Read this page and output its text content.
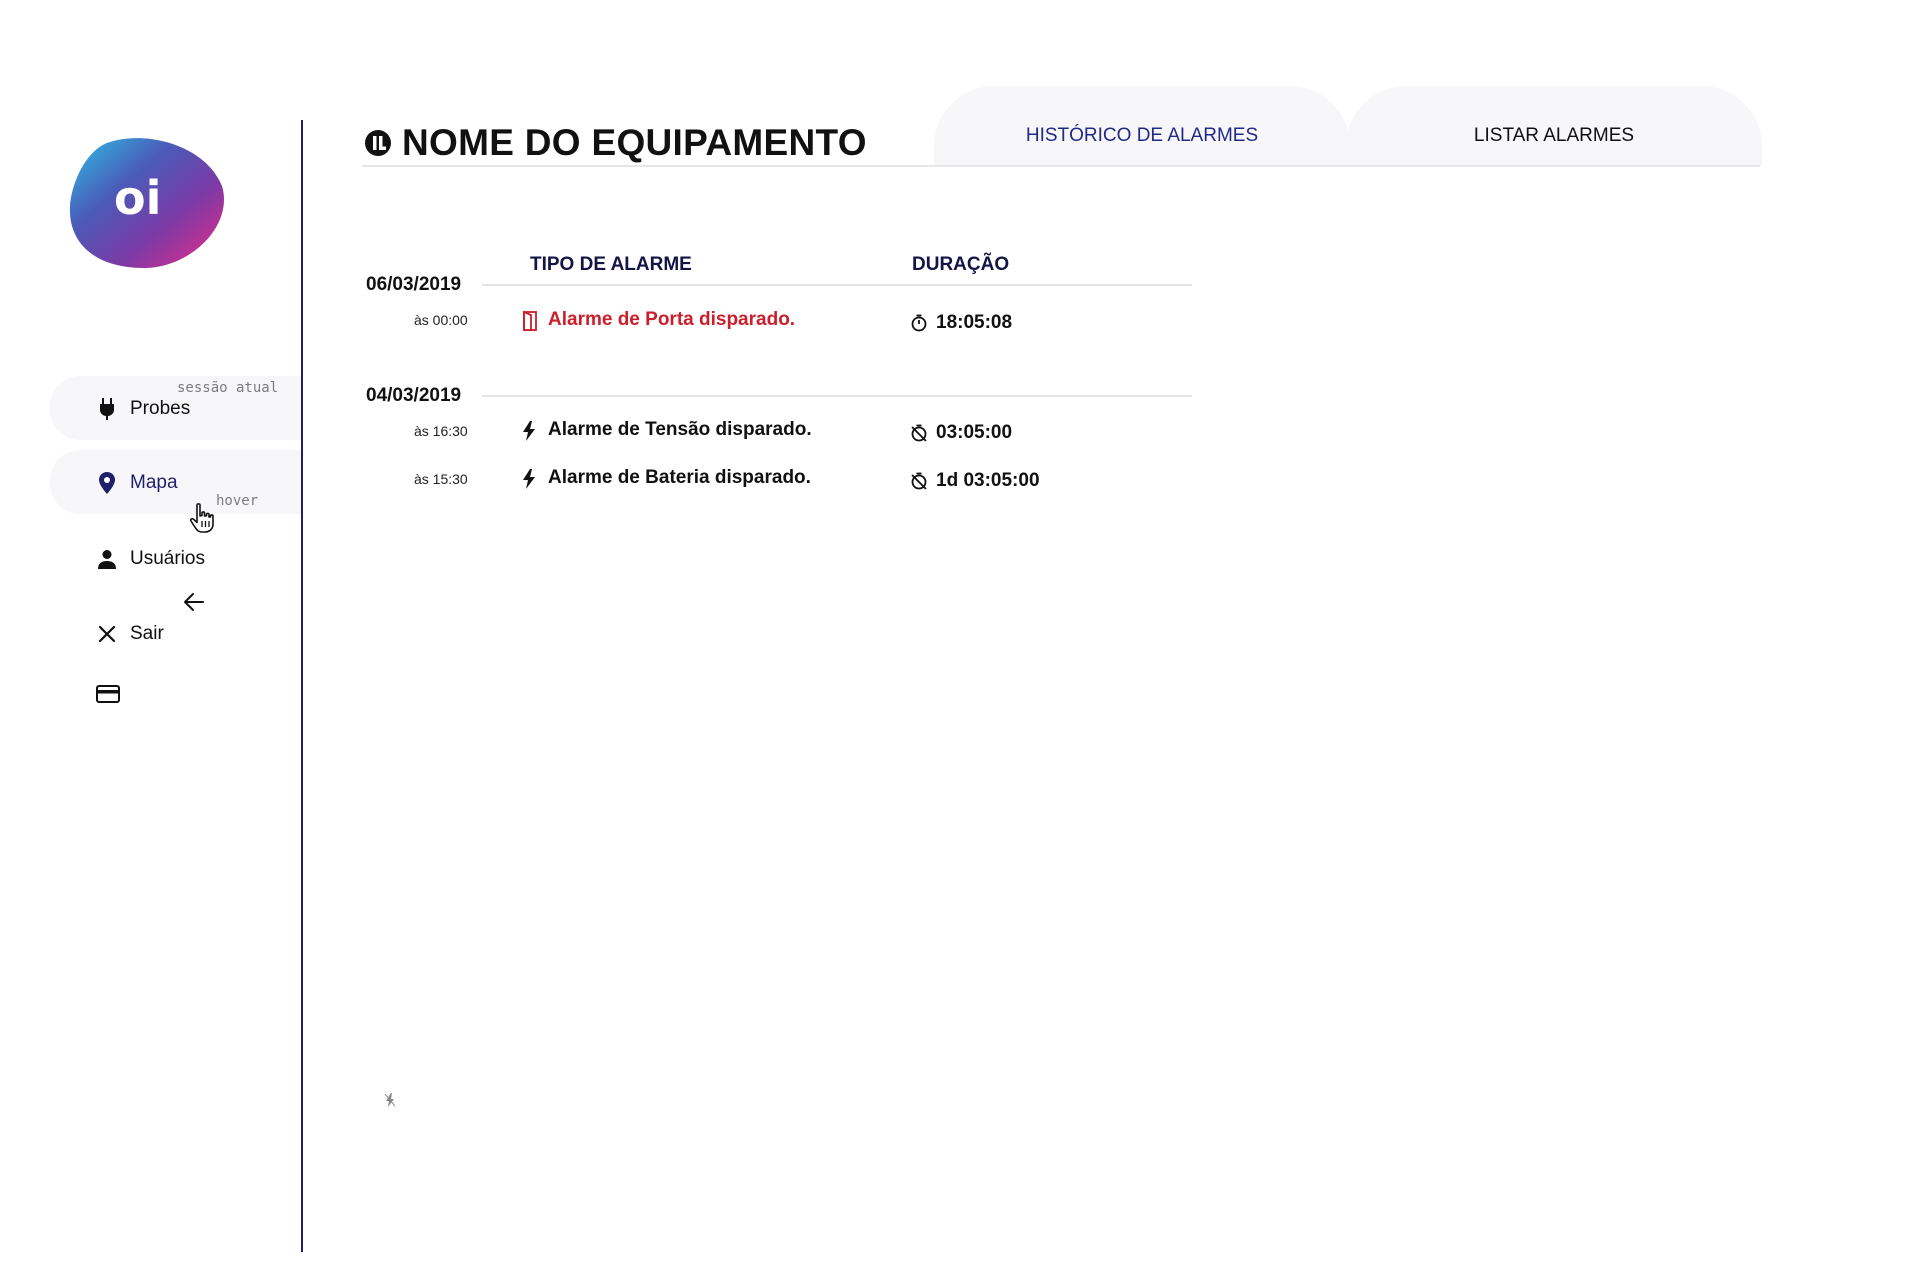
oi
sessão atual
Probes
Mapa
hover
Usuários
Sair
HISTÓRICO DE ALARMES	LISTAR ALARMES
NOME DO EQUIPAMENTO
TIPO DE ALARME	DURAÇÃO
06/03/2019
às 00:00	Alarme de Porta disparado.	18:05:08
04/03/2019
às 16:30	Alarme de Tensão disparado.	03:05:00
às 15:30	Alarme de Bateria disparado.	1d 03:05:00
